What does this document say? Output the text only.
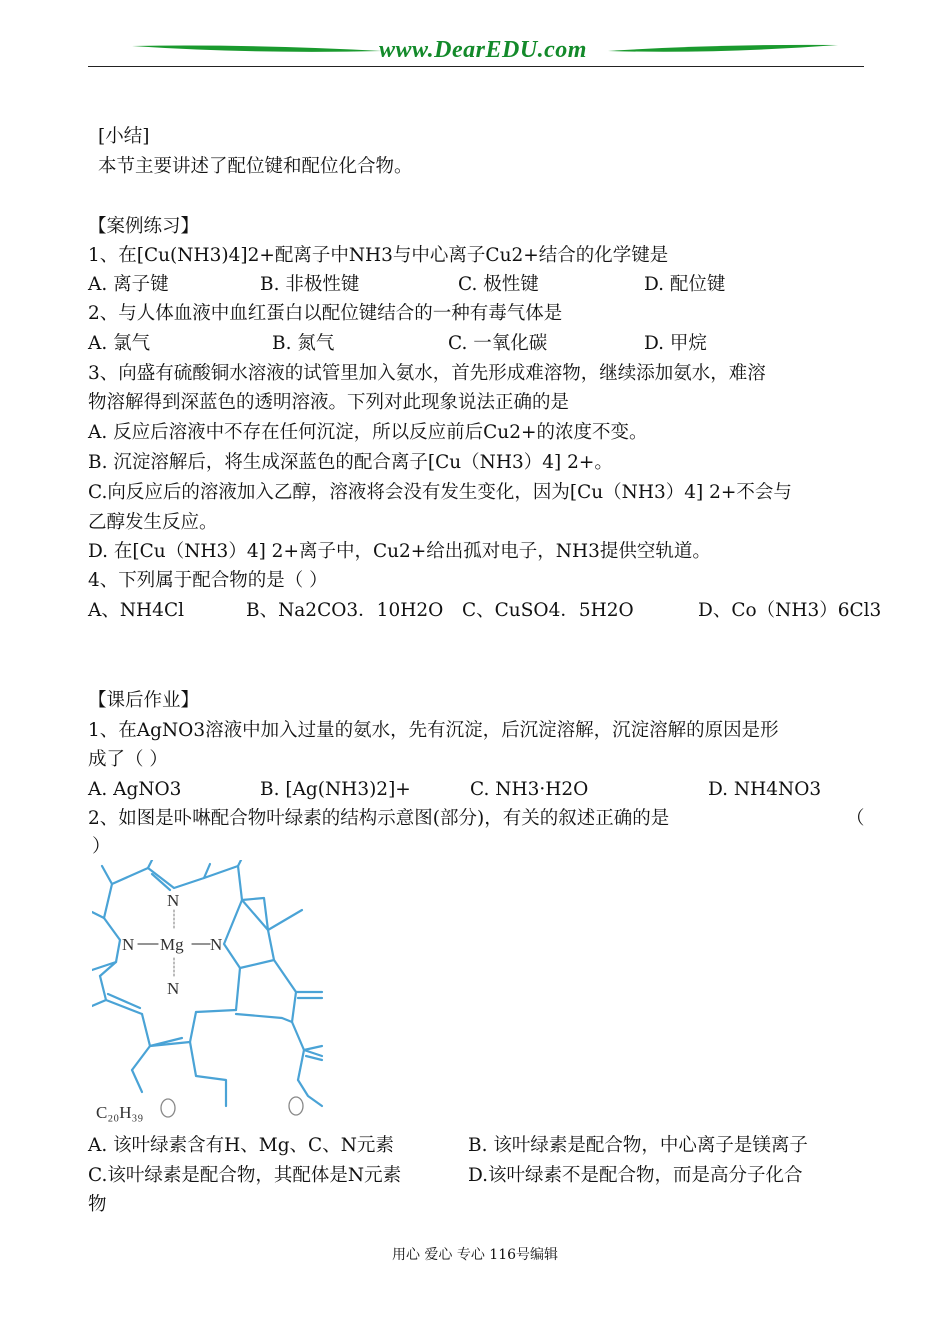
www.DearEDU.com
[小结]
本节主要讲述了配位键和配位化合物。
【案例练习】
1、在[Cu(NH3)4]2+配离子中NH3与中心离子Cu2+结合的化学键是
A. 离子键	B. 非极性键	C. 极性键	D. 配位键
2、与人体血液中血红蛋白以配位键结合的一种有毒气体是
A. 氯气	B. 氮气	C. 一氧化碳	D. 甲烷
3、向盛有硫酸铜水溶液的试管里加入氨水，首先形成难溶物，继续添加氨水，难溶
物溶解得到深蓝色的透明溶液。下列对此现象说法正确的是
A. 反应后溶液中不存在任何沉淀，所以反应前后Cu2+的浓度不变。
B. 沉淀溶解后，将生成深蓝色的配合离子[Cu（NH3）4] 2+。
C.向反应后的溶液加入乙醇，溶液将会没有发生变化，因为[Cu（NH3）4] 2+不会与
乙醇发生反应。
D. 在[Cu（NH3）4] 2+离子中，Cu2+给出孤对电子，NH3提供空轨道。
4、下列属于配合物的是（ ）
A、NH4Cl	B、Na2CO3．10H2O C、CuSO4．5H2O	D、Co（NH3）6Cl3
【课后作业】
1、在AgNO3溶液中加入过量的氨水，先有沉淀，后沉淀溶解，沉淀溶解的原因是形
成了（ ）
A. AgNO3	B. [Ag(NH3)2]+	C. NH3·H2O	D. NH4NO3
2、如图是卟啉配合物叶绿素的结构示意图(部分)，有关的叙述正确的是	（
）
N
N Mg N
N
C₂₀H₃₉
A. 该叶绿素含有H、Mg、C、N元素	B. 该叶绿素是配合物，中心离子是镁离子
C.该叶绿素是配合物，其配体是N元素	D.该叶绿素不是配合物，而是高分子化合
物
用心 爱心 专心 116号编辑
